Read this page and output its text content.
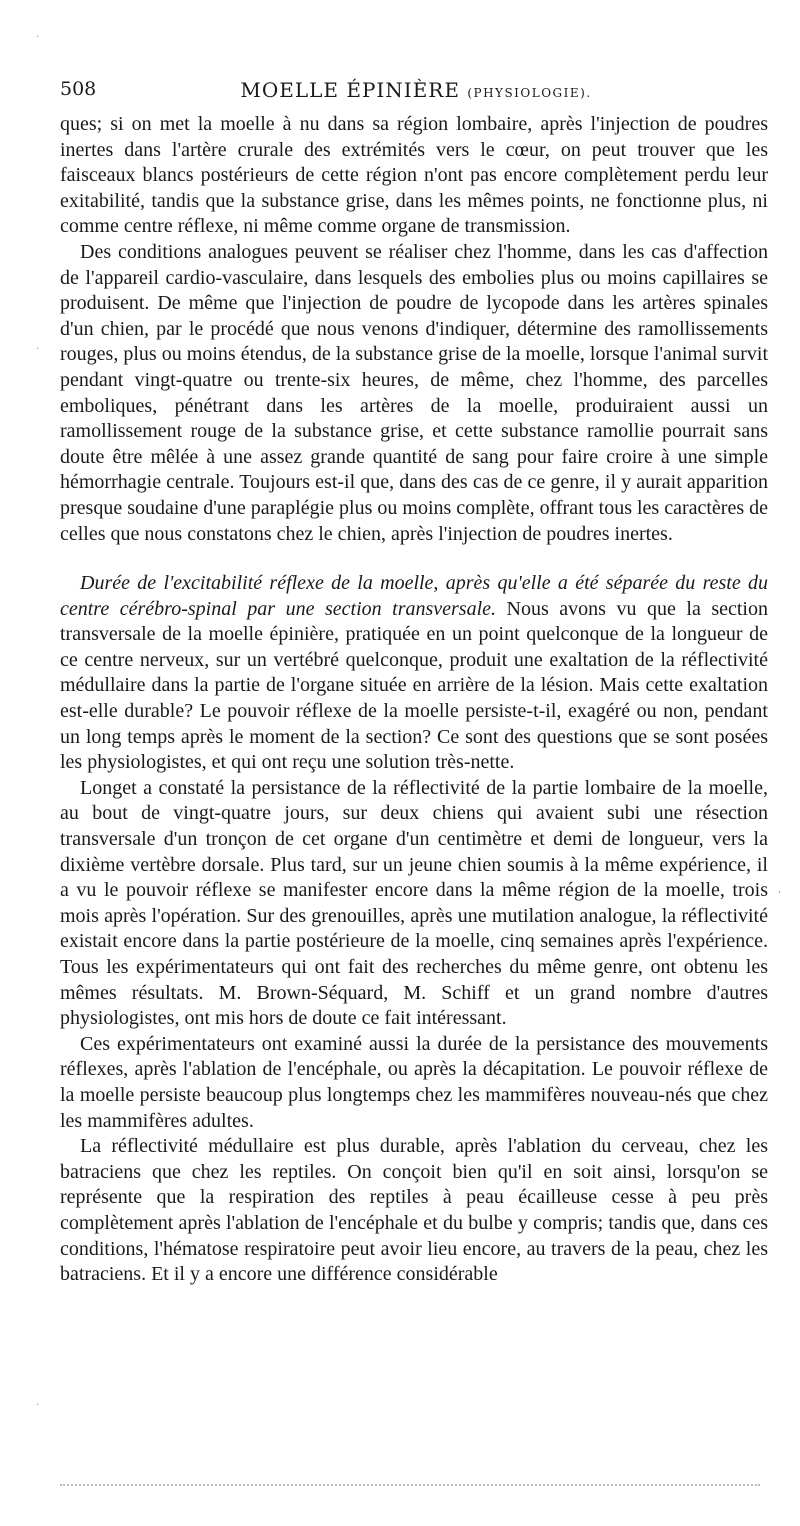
508	MOELLE ÉPINIÈRE (PHYSIOLOGIE).

ques; si on met la moelle à nu dans sa région lombaire, après l'injection de poudres inertes dans l'artère crurale des extrémités vers le cœur, on peut trouver que les faisceaux blancs postérieurs de cette région n'ont pas encore complètement perdu leur exitabilité, tandis que la substance grise, dans les mêmes points, ne fonctionne plus, ni comme centre réflexe, ni même comme organe de transmission.

Des conditions analogues peuvent se réaliser chez l'homme, dans les cas d'affection de l'appareil cardio-vasculaire, dans lesquels des embolies plus ou moins capillaires se produisent. De même que l'injection de poudre de lycopode dans les artères spinales d'un chien, par le procédé que nous venons d'indiquer, détermine des ramollissements rouges, plus ou moins étendus, de la substance grise de la moelle, lorsque l'animal survit pendant vingt-quatre ou trente-six heures, de même, chez l'homme, des parcelles emboliques, pénétrant dans les artères de la moelle, produiraient aussi un ramollissement rouge de la substance grise, et cette substance ramollie pourrait sans doute être mêlée à une assez grande quantité de sang pour faire croire à une simple hémorrhagie centrale. Toujours est-il que, dans des cas de ce genre, il y aurait apparition presque soudaine d'une paraplégie plus ou moins complète, offrant tous les caractères de celles que nous constatons chez le chien, après l'injection de poudres inertes.

Durée de l'excitabilité réflexe de la moelle, après qu'elle a été séparée du reste du centre cérébro-spinal par une section transversale. Nous avons vu que la section transversale de la moelle épinière, pratiquée en un point quelconque de la longueur de ce centre nerveux, sur un vertébré quelconque, produit une exaltation de la réflectivité médullaire dans la partie de l'organe située en arrière de la lésion. Mais cette exaltation est-elle durable? Le pouvoir réflexe de la moelle persiste-t-il, exagéré ou non, pendant un long temps après le moment de la section? Ce sont des questions que se sont posées les physiologistes, et qui ont reçu une solution très-nette.

Longet a constaté la persistance de la réflectivité de la partie lombaire de la moelle, au bout de vingt-quatre jours, sur deux chiens qui avaient subi une résection transversale d'un tronçon de cet organe d'un centimètre et demi de longueur, vers la dixième vertèbre dorsale. Plus tard, sur un jeune chien soumis à la même expérience, il a vu le pouvoir réflexe se manifester encore dans la même région de la moelle, trois mois après l'opération. Sur des grenouilles, après une mutilation analogue, la réflectivité existait encore dans la partie postérieure de la moelle, cinq semaines après l'expérience. Tous les expérimentateurs qui ont fait des recherches du même genre, ont obtenu les mêmes résultats. M. Brown-Séquard, M. Schiff et un grand nombre d'autres physiologistes, ont mis hors de doute ce fait intéressant.

Ces expérimentateurs ont examiné aussi la durée de la persistance des mouvements réflexes, après l'ablation de l'encéphale, ou après la décapitation. Le pouvoir réflexe de la moelle persiste beaucoup plus longtemps chez les mammifères nouveau-nés que chez les mammifères adultes.

La réflectivité médullaire est plus durable, après l'ablation du cerveau, chez les batraciens que chez les reptiles. On conçoit bien qu'il en soit ainsi, lorsqu'on se représente que la respiration des reptiles à peau écailleuse cesse à peu près complètement après l'ablation de l'encéphale et du bulbe y compris; tandis que, dans ces conditions, l'hématose respiratoire peut avoir lieu encore, au travers de la peau, chez les batraciens. Et il y a encore une différence considérable

·
·
,
·
